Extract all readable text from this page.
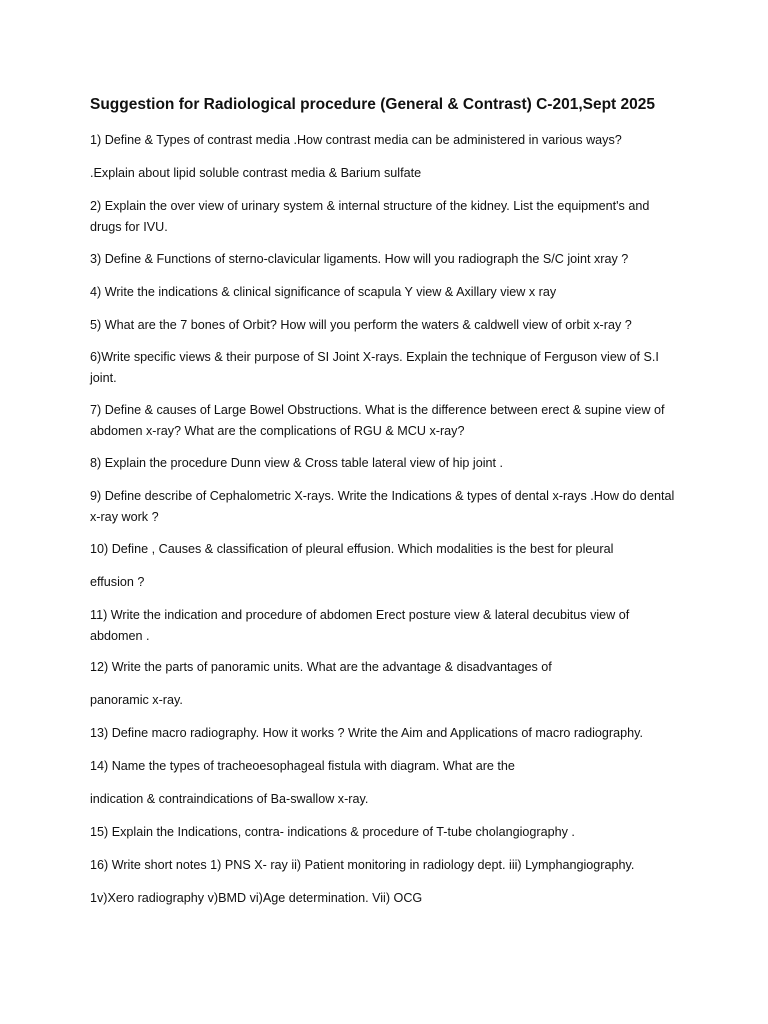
Suggestion for Radiological procedure (General & Contrast) C-201,Sept 2025
1) Define & Types of contrast media .How contrast media can be administered in various ways?
.Explain about lipid soluble contrast media & Barium sulfate
2) Explain the over view of urinary system & internal structure of the kidney. List the equipment's and drugs for IVU.
3) Define & Functions of sterno-clavicular ligaments. How will you radiograph the S/C joint xray ?
4) Write the indications & clinical significance of scapula Y view & Axillary view x ray
5) What are the 7 bones of Orbit? How will you perform the waters & caldwell view of orbit x-ray ?
6)Write specific views & their purpose of SI Joint X-rays. Explain the technique of Ferguson view of S.I joint.
7) Define & causes of Large Bowel Obstructions. What is the difference between erect & supine view of abdomen x-ray? What are the complications of RGU & MCU x-ray?
8) Explain the procedure Dunn view & Cross table lateral view of hip joint .
9) Define describe of Cephalometric X-rays. Write the Indications & types of dental x-rays .How do dental x-ray work ?
10) Define , Causes & classification of pleural effusion. Which modalities is the best for pleural
effusion ?
11) Write the indication and procedure of abdomen Erect posture view & lateral decubitus view of abdomen .
12) Write the parts of panoramic units. What are the advantage & disadvantages of
panoramic x-ray.
13) Define macro radiography. How it works ? Write the Aim and Applications of macro radiography.
14) Name the types of tracheoesophageal fistula with diagram. What are the
indication & contraindications of Ba-swallow x-ray.
15) Explain the Indications, contra- indications & procedure of T-tube cholangiography .
16) Write short notes 1) PNS X- ray ii) Patient monitoring in radiology dept. iii) Lymphangiography.
1v)Xero radiography v)BMD vi)Age determination. Vii) OCG
